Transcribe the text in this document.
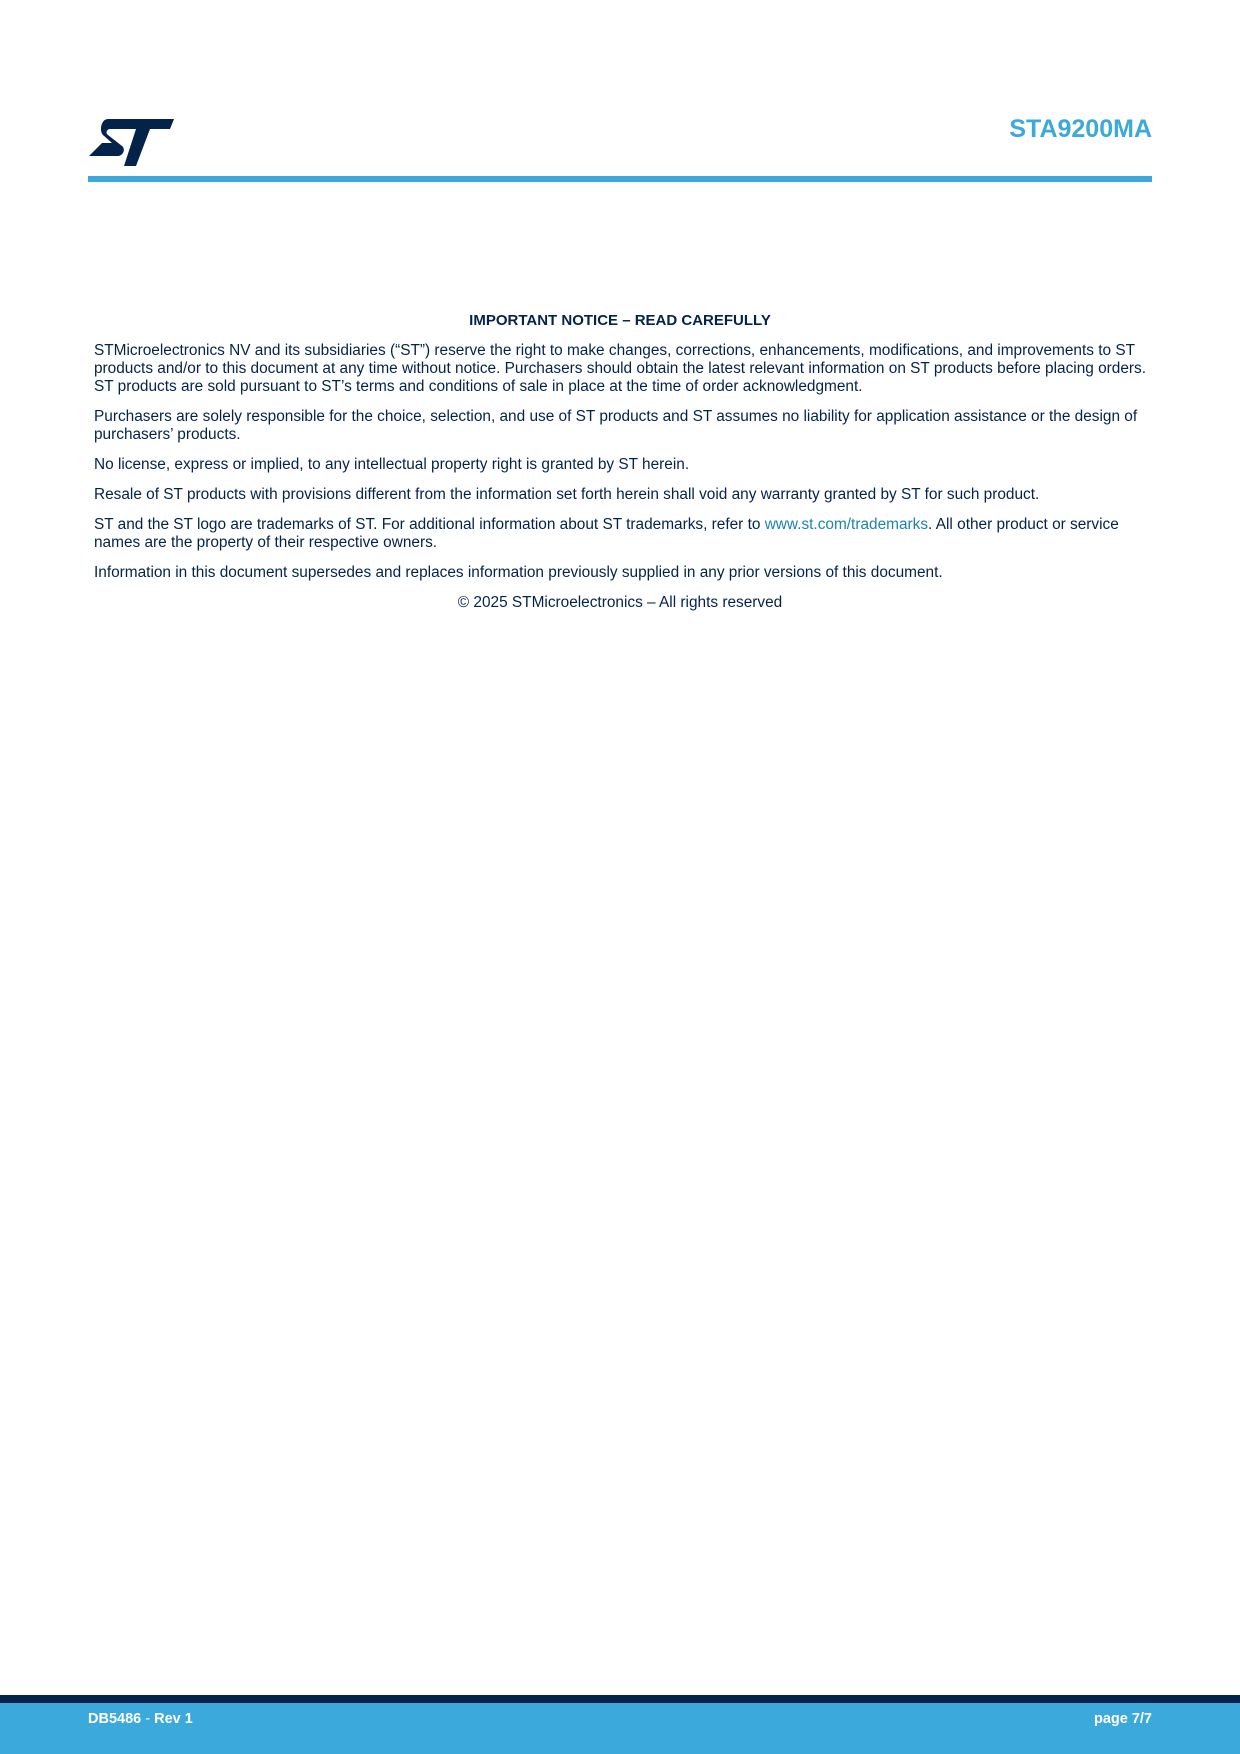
STA9200MA
IMPORTANT NOTICE – READ CAREFULLY

STMicroelectronics NV and its subsidiaries (“ST”) reserve the right to make changes, corrections, enhancements, modifications, and improvements to ST products and/or to this document at any time without notice. Purchasers should obtain the latest relevant information on ST products before placing orders. ST products are sold pursuant to ST’s terms and conditions of sale in place at the time of order acknowledgment.

Purchasers are solely responsible for the choice, selection, and use of ST products and ST assumes no liability for application assistance or the design of purchasers’ products.

No license, express or implied, to any intellectual property right is granted by ST herein.

Resale of ST products with provisions different from the information set forth herein shall void any warranty granted by ST for such product.

ST and the ST logo are trademarks of ST. For additional information about ST trademarks, refer to www.st.com/trademarks. All other product or service names are the property of their respective owners.

Information in this document supersedes and replaces information previously supplied in any prior versions of this document.

© 2025 STMicroelectronics – All rights reserved

DB5486 - Rev 1	page 7/7
